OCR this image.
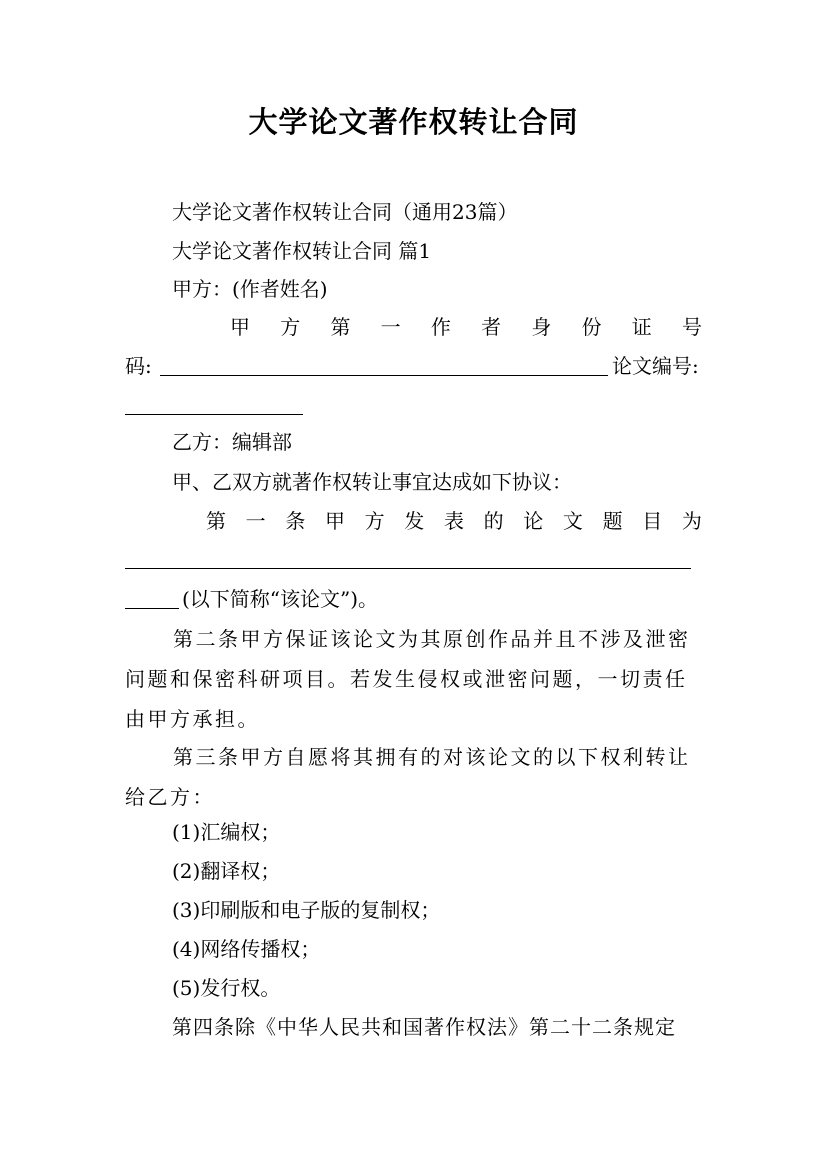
大学论文著作权转让合同
大学论文著作权转让合同（通用23篇）
大学论文著作权转让合同 篇1
甲方：(作者姓名)
甲 方 第 一 作 者 身 份 证 号
码:	论文编号:
乙方：编辑部
甲、乙双方就著作权转让事宜达成如下协议：
第 一 条 甲 方 发 表 的 论 文 题 目 为
(以下简称“该论文”)。
第二条甲方保证该论文为其原创作品并且不涉及泄密问题和保密科研项目。若发生侵权或泄密问题，一切责任由甲方承担。
第三条甲方自愿将其拥有的对该论文的以下权利转让给乙方：
(1)汇编权；
(2)翻译权；
(3)印刷版和电子版的复制权；
(4)网络传播权；
(5)发行权。
第四条除《中华人民共和国著作权法》第二十二条规定
